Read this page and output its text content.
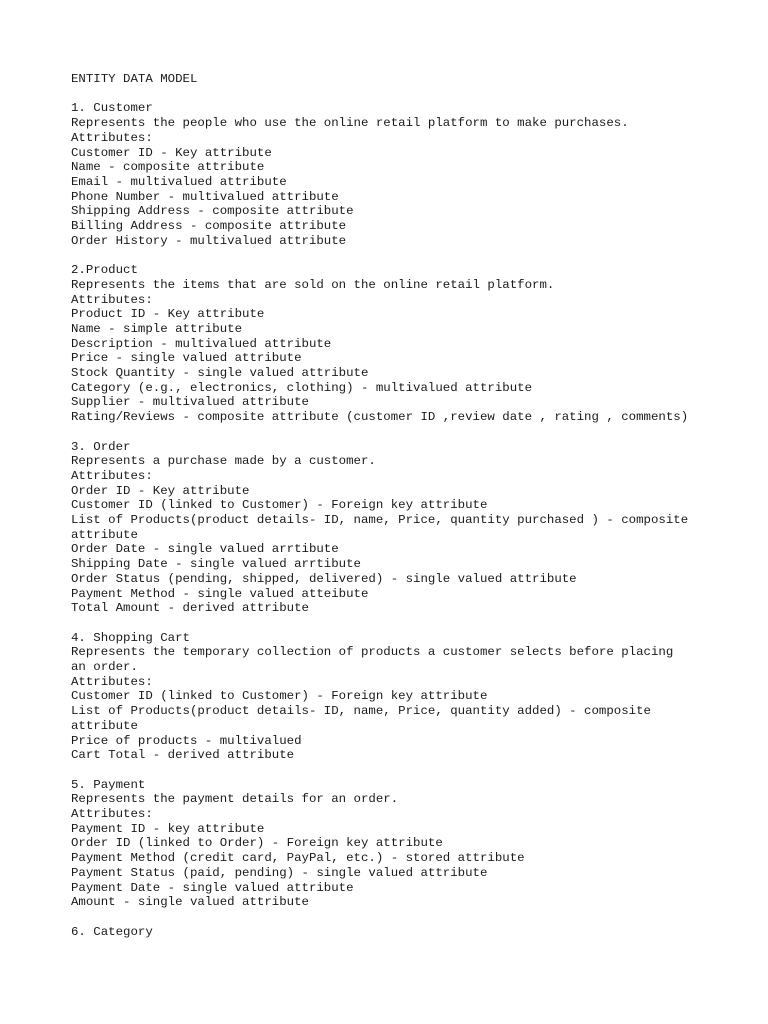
ENTITY DATA MODEL
1. Customer
Represents the people who use the online retail platform to make purchases.
Attributes:
Customer ID - Key attribute
Name - composite attribute
Email - multivalued attribute
Phone Number - multivalued attribute
Shipping Address - composite attribute
Billing Address - composite attribute
Order History - multivalued attribute
2.Product
Represents the items that are sold on the online retail platform.
Attributes:
Product ID - Key attribute
Name - simple attribute
Description - multivalued attribute
Price - single valued attribute
Stock Quantity - single valued attribute
Category (e.g., electronics, clothing) - multivalued attribute
Supplier - multivalued attribute
Rating/Reviews - composite attribute (customer ID ,review date , rating , comments)
3. Order
Represents a purchase made by a customer.
Attributes:
Order ID - Key attribute
Customer ID (linked to Customer) - Foreign key attribute
List of Products(product details- ID, name, Price, quantity purchased ) - composite
attribute
Order Date - single valued arrtibute
Shipping Date - single valued arrtibute
Order Status (pending, shipped, delivered) - single valued attribute
Payment Method - single valued atteibute
Total Amount - derived attribute
4. Shopping Cart
Represents the temporary collection of products a customer selects before placing
an order.
Attributes:
Customer ID (linked to Customer) - Foreign key attribute
List of Products(product details- ID, name, Price, quantity added) - composite
attribute
Price of products - multivalued
Cart Total - derived attribute
5. Payment
Represents the payment details for an order.
Attributes:
Payment ID - key attribute
Order ID (linked to Order) - Foreign key attribute
Payment Method (credit card, PayPal, etc.) - stored attribute
Payment Status (paid, pending) - single valued attribute
Payment Date - single valued attribute
Amount - single valued attribute
6. Category
